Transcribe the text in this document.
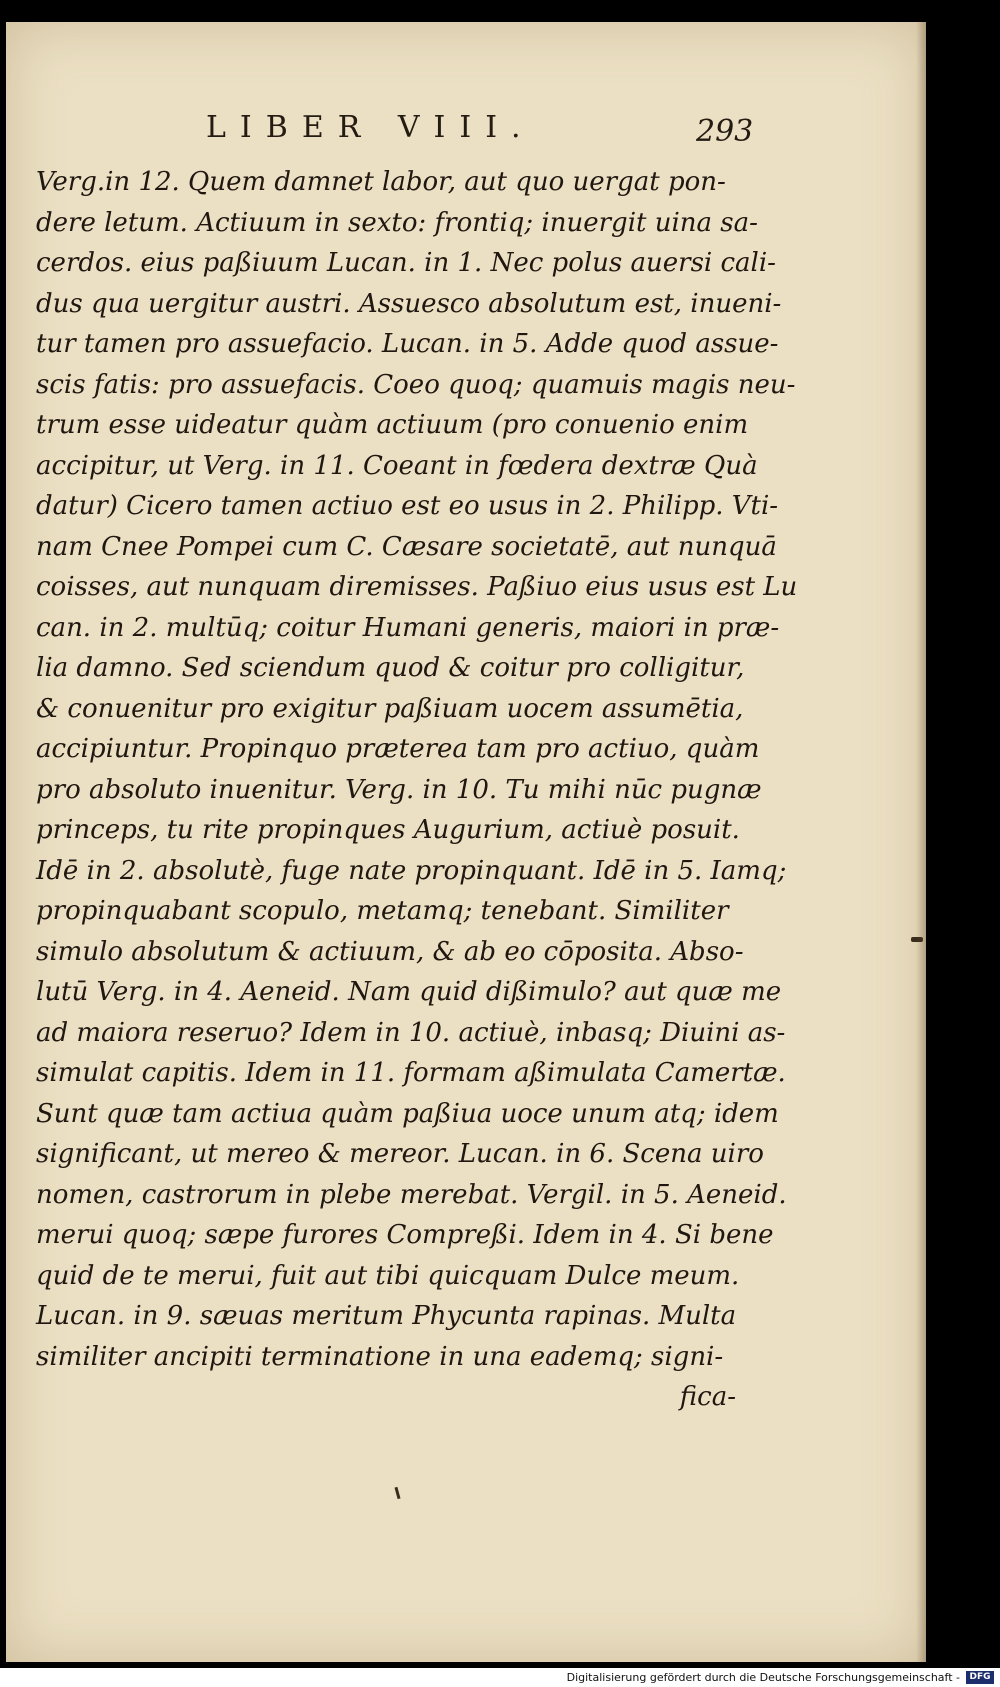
LIBER VIII.	293
Verg.in 12. Quem damnet labor, aut quo uergat pon-
dere letum. Actiuum in sexto: frontiq; inuergit uina sa-
cerdos. eius paßiuum Lucan. in 1. Nec polus auersi cali-
dus qua uergitur austri. Assuesco absolutum est, inueni-
tur tamen pro assuefacio. Lucan. in 5. Adde quod assue-
scis fatis: pro assuefacis. Coeo quoq; quamuis magis neu-
trum esse uideatur quàm actiuum (pro conuenio enim
accipitur, ut Verg. in 11. Coeant in fœdera dextræ Quà
datur) Cicero tamen actiuo est eo usus in 2. Philipp. Vti-
nam Cnee Pompei cum C. Cæsare societatē, aut nunquā
coisses, aut nunquam diremisses. Paßiuo eius usus est Lu
can. in 2. multūq; coitur Humani generis, maiori in præ-
lia damno. Sed sciendum quod & coitur pro colligitur,
& conuenitur pro exigitur paßiuam uocem assumētia,
accipiuntur. Propinquo præterea tam pro actiuo, quàm
pro absoluto inuenitur. Verg. in 10. Tu mihi nūc pugnæ
princeps, tu rite propinques Augurium, actiuè posuit.
Idē in 2. absolutè, fuge nate propinquant. Idē in 5. Iamq;
propinquabant scopulo, metamq; tenebant. Similiter
simulo absolutum & actiuum, & ab eo cōposita. Abso-
lutū Verg. in 4. Aeneid. Nam quid dißimulo? aut quæ me
ad maiora reseruo? Idem in 10. actiuè, inbasq; Diuini as-
simulat capitis. Idem in 11. formam aßimulata Camertæ.
Sunt quæ tam actiua quàm paßiua uoce unum atq; idem
significant, ut mereo & mereor. Lucan. in 6. Scena uiro
nomen, castrorum in plebe merebat. Vergil. in 5. Aeneid.
merui quoq; sæpe furores Compreßi. Idem in 4. Si bene
quid de te merui, fuit aut tibi quicquam Dulce meum.
Lucan. in 9. sæuas meritum Phycunta rapinas. Multa
similiter ancipiti terminatione in una eademq; signi-
fica-
Digitalisierung gefördert durch die Deutsche Forschungsgemeinschaft -	DFG
